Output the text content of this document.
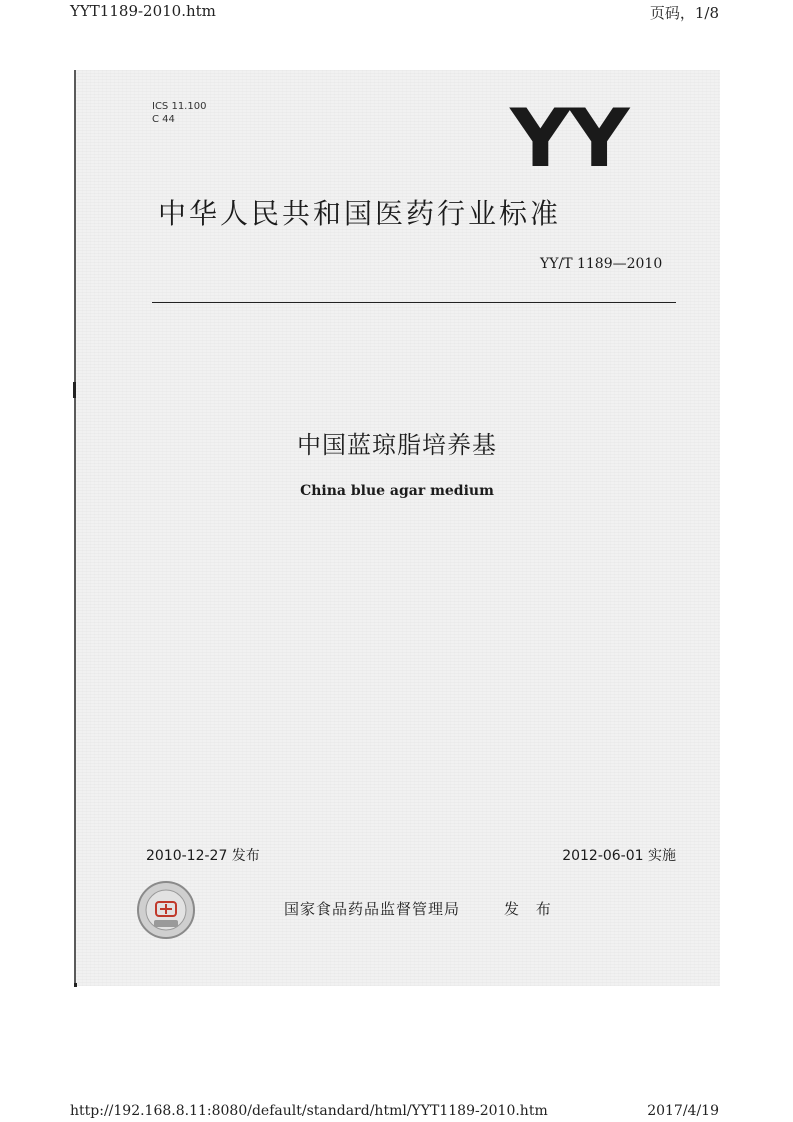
YYT1189-2010.htm	页码，1/8
ICS 11.100
C 44	YY
中华人民共和国医药行业标准
YY/T 1189—2010
中国蓝琼脂培养基
China blue agar medium
2010-12-27 发布	2012-06-01 实施
国家食品药品监督管理局	发 布
http://192.168.8.11:8080/default/standard/html/YYT1189-2010.htm	2017/4/19
